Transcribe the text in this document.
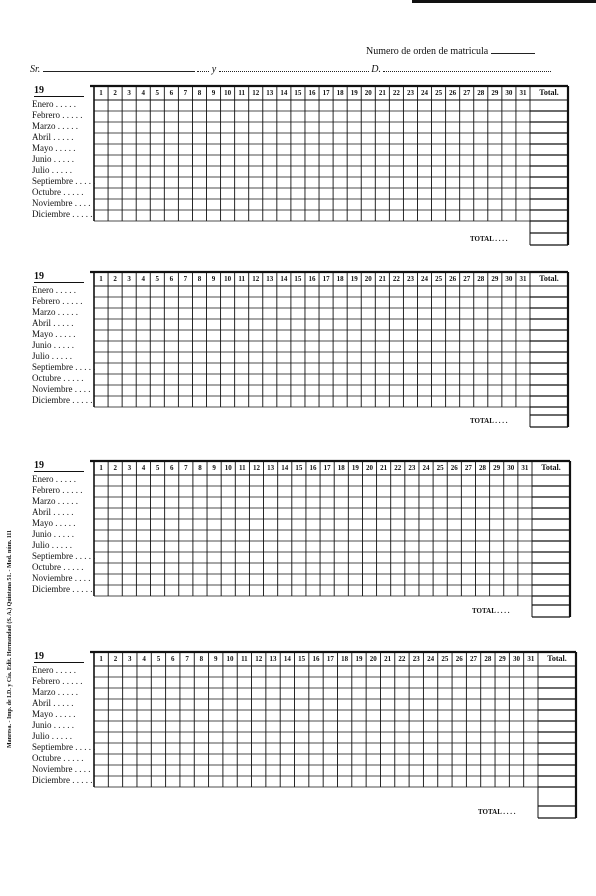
Numero de orden de matricula
Sr.	y	D.
Manresa. - Imp. de I.D. y Cía. Edit. Hermandad (S. A.) Quintana 51. - Mod. núm. 111
19	1	2	3	4	5	6	7	8	9	10	11	12	13	14	15	16	17	18	19	20	21	22	23	24	25	26	27	28	29	30	31	Total.
Enero . . .
Febrero . . .
Marzo . . .
Abril . . .
Mayo . . .
Junio . . .
Julio . . .
Septiembre . . .
Octubre . . .
Noviembre . . .
Diciembre . . .
TOTAL . . . .
19	1	2	3	4	5	6	7	8	9	10	11	12	13	14	15	16	17	18	19	20	21	22	23	24	25	26	27	28	29	30	31	Total.
Enero . . .
Febrero . . .
Marzo . . .
Abril . . .
Mayo . . .
Junio . . .
Julio . . .
Septiembre . . .
Octubre . . .
Noviembre . . .
Diciembre . . .
TOTAL . . . .
19	1	2	3	4	5	6	7	8	9	10	11	12	13	14	15	16	17	18	19	20	21	22	23	24	25	26	27	28	29	30	31	Total.
Enero . . .
Febrero . . .
Marzo . . .
Abril . . .
Mayo . . .
Junio . . .
Julio . . .
Septiembre . . .
Octubre . . .
Noviembre . . .
Diciembre . . .
TOTAL . . . .
19	1	2	3	4	5	6	7	8	9	10	11	12	13	14	15	16	17	18	19	20	21	22	23	24	25	26	27	28	29	30	31	Total.
Enero . . .
Febrero . . .
Marzo . . .
Abril . . .
Mayo . . .
Junio . . .
Julio . . .
Septiembre . . .
Octubre . . .
Noviembre . . .
Diciembre . . .
TOTAL . . . .
